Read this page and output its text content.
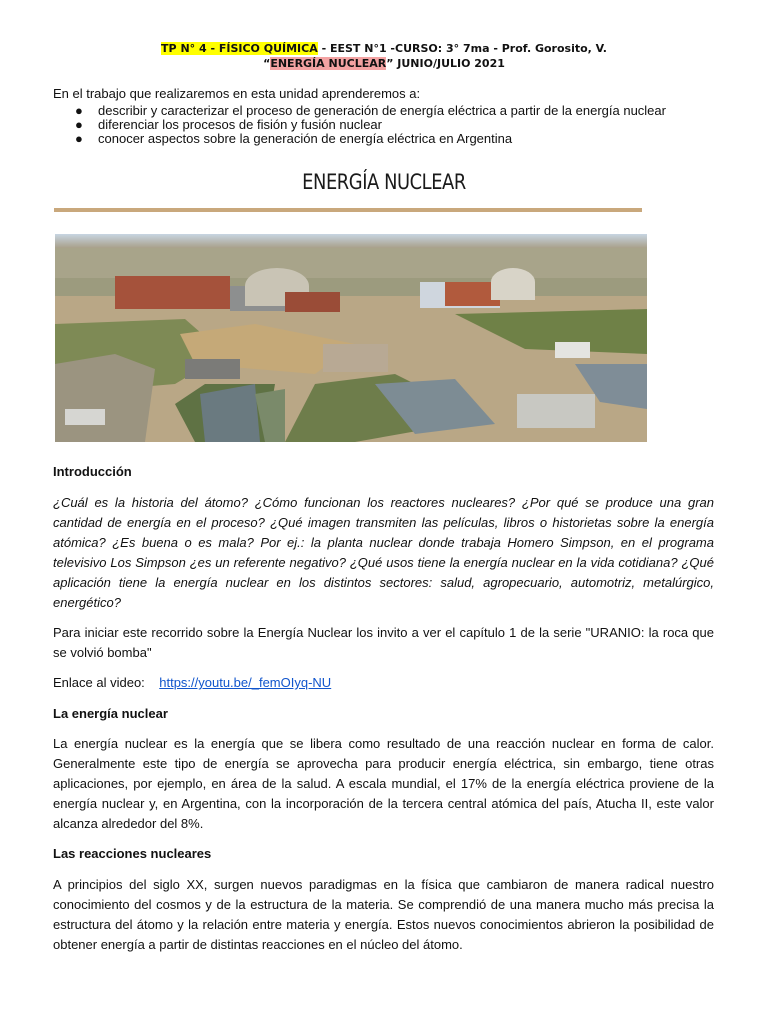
TP N° 4 - FÍSICO QUÍMICA - EEST N°1 -CURSO: 3° 7ma - Prof. Gorosito, V.
“ENERGÍA NUCLEAR” JUNIO/JULIO 2021
En el trabajo que realizaremos en esta unidad aprenderemos a:
● describir y caracterizar el proceso de generación de energía eléctrica a partir de la energía nuclear
● diferenciar los procesos de fisión y fusión nuclear
● conocer aspectos sobre la generación de energía eléctrica en Argentina
ENERGÍA NUCLEAR
Introducción
¿Cuál es la historia del átomo? ¿Cómo funcionan los reactores nucleares? ¿Por qué se produce una gran cantidad de energía en el proceso? ¿Qué imagen transmiten las películas, libros o historietas sobre la energía atómica? ¿Es buena o es mala? Por ej.: la planta nuclear donde trabaja Homero Simpson, en el programa televisivo Los Simpson ¿es un referente negativo? ¿Qué usos tiene la energía nuclear en la vida cotidiana? ¿Qué aplicación tiene la energía nuclear en los distintos sectores: salud, agropecuario, automotriz, metalúrgico, energético?
Para iniciar este recorrido sobre la Energía Nuclear los invito a ver el capítulo 1 de la serie "URANIO: la roca que se volvió bomba"
Enlace al video: https://youtu.be/_femOIyq-NU
La energía nuclear
La energía nuclear es la energía que se libera como resultado de una reacción nuclear en forma de calor. Generalmente este tipo de energía se aprovecha para producir energía eléctrica, sin embargo, tiene otras aplicaciones, por ejemplo, en área de la salud. A escala mundial, el 17% de la energía eléctrica proviene de la energía nuclear y, en Argentina, con la incorporación de la tercera central atómica del país, Atucha II, este valor alcanza alrededor del 8%.
Las reacciones nucleares
A principios del siglo XX, surgen nuevos paradigmas en la física que cambiaron de manera radical nuestro conocimiento del cosmos y de la estructura de la materia. Se comprendió de una manera mucho más precisa la estructura del átomo y la relación entre materia y energía. Estos nuevos conocimientos abrieron la posibilidad de obtener energía a partir de distintas reacciones en el núcleo del átomo.
